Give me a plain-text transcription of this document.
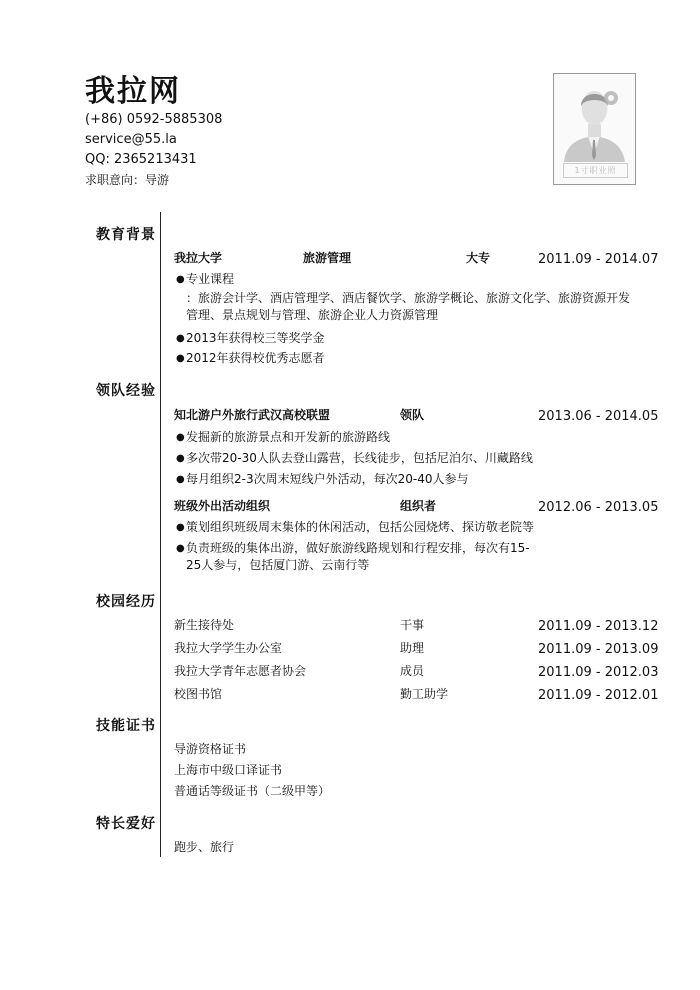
我拉网
(+86) 0592-5885308
service@55.la
QQ: 2365213431
求职意向：导游
1寸职业照
教育背景
我拉大学	旅游管理	大专	2011.09 - 2014.07
● 专业课程
：旅游会计学、酒店管理学、酒店餐饮学、旅游学概论、旅游文化学、旅游资源开发管理、景点规划与管理、旅游企业人力资源管理
● 2013年获得校三等奖学金
● 2012年获得校优秀志愿者
领队经验
知北游户外旅行武汉高校联盟	领队	2013.06 - 2014.05
● 发掘新的旅游景点和开发新的旅游路线
● 多次带20-30人队去登山露营，长线徒步，包括尼泊尔、川藏路线
● 每月组织2-3次周末短线户外活动，每次20-40人参与
班级外出活动组织	组织者	2012.06 - 2013.05
● 策划组织班级周末集体的休闲活动，包括公园烧烤、探访敬老院等
● 负责班级的集体出游，做好旅游线路规划和行程安排，每次有15-25人参与，包括厦门游、云南行等
校园经历
新生接待处	干事	2011.09 - 2013.12
我拉大学学生办公室	助理	2011.09 - 2013.09
我拉大学青年志愿者协会	成员	2011.09 - 2012.03
校图书馆	勤工助学	2011.09 - 2012.01
技能证书
导游资格证书
上海市中级口译证书
普通话等级证书（二级甲等）
特长爱好
跑步、旅行
